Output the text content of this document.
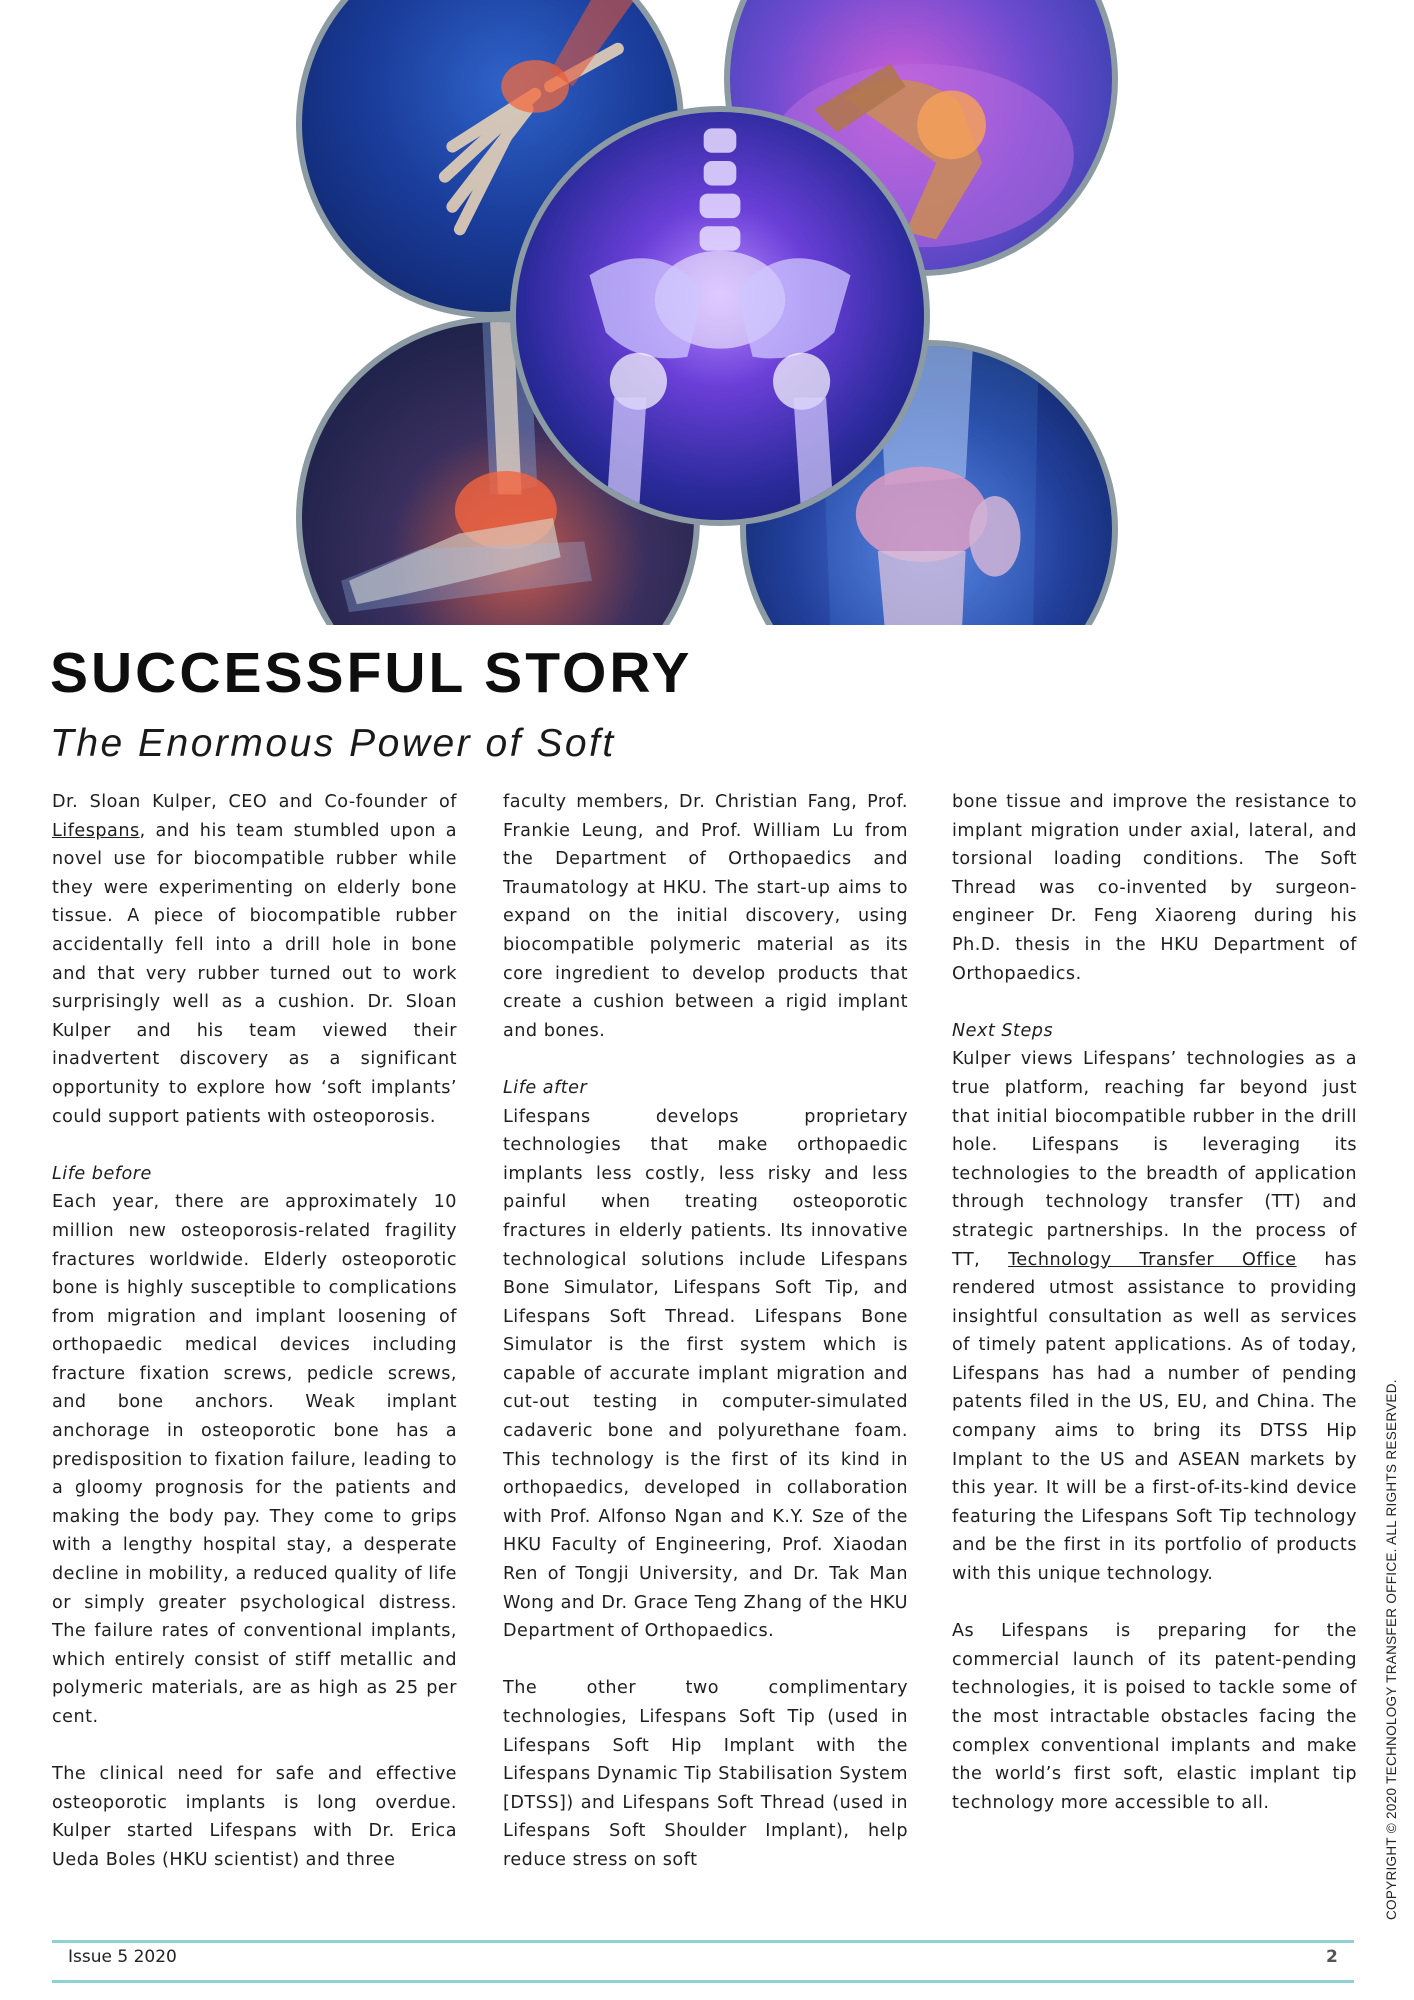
SUCCESSFUL STORY
The Enormous Power of Soft

Dr. Sloan Kulper, CEO and Co-founder of Lifespans, and his team stumbled upon a novel use for biocompatible rubber while they were experimenting on elderly bone tissue. A piece of biocompatible rubber accidentally fell into a drill hole in bone and that very rubber turned out to work surprisingly well as a cushion. Dr. Sloan Kulper and his team viewed their inadvertent discovery as a significant opportunity to explore how ‘soft implants’ could support patients with osteoporosis.

Life before
Each year, there are approximately 10 million new osteoporosis-related fragility fractures worldwide. Elderly osteoporotic bone is highly susceptible to complications from migration and implant loosening of orthopaedic medical devices including fracture fixation screws, pedicle screws, and bone anchors. Weak implant anchorage in osteoporotic bone has a predisposition to fixation failure, leading to a gloomy prognosis for the patients and making the body pay. They come to grips with a lengthy hospital stay, a desperate decline in mobility, a reduced quality of life or simply greater psychological distress. The failure rates of conventional implants, which entirely consist of stiff metallic and polymeric materials, are as high as 25 per cent.

The clinical need for safe and effective osteoporotic implants is long overdue. Kulper started Lifespans with Dr. Erica Ueda Boles (HKU scientist) and three

faculty members, Dr. Christian Fang, Prof. Frankie Leung, and Prof. William Lu from the Department of Orthopaedics and Traumatology at HKU. The start-up aims to expand on the initial discovery, using biocompatible polymeric material as its core ingredient to develop products that create a cushion between a rigid implant and bones.

Life after
Lifespans develops proprietary technologies that make orthopaedic implants less costly, less risky and less painful when treating osteoporotic fractures in elderly patients. Its innovative technological solutions include Lifespans Bone Simulator, Lifespans Soft Tip, and Lifespans Soft Thread. Lifespans Bone Simulator is the first system which is capable of accurate implant migration and cut-out testing in computer-simulated cadaveric bone and polyurethane foam. This technology is the first of its kind in orthopaedics, developed in collaboration with Prof. Alfonso Ngan and K.Y. Sze of the HKU Faculty of Engineering, Prof. Xiaodan Ren of Tongji University, and Dr. Tak Man Wong and Dr. Grace Teng Zhang of the HKU Department of Orthopaedics.

The other two complimentary technologies, Lifespans Soft Tip (used in Lifespans Soft Hip Implant with the Lifespans Dynamic Tip Stabilisation System [DTSS]) and Lifespans Soft Thread (used in Lifespans Soft Shoulder Implant), help reduce stress on soft

bone tissue and improve the resistance to implant migration under axial, lateral, and torsional loading conditions. The Soft Thread was co-invented by surgeon-engineer Dr. Feng Xiaoreng during his Ph.D. thesis in the HKU Department of Orthopaedics.

Next Steps
Kulper views Lifespans’ technologies as a true platform, reaching far beyond just that initial biocompatible rubber in the drill hole. Lifespans is leveraging its technologies to the breadth of application through technology transfer (TT) and strategic partnerships. In the process of TT, Technology Transfer Office has rendered utmost assistance to providing insightful consultation as well as services of timely patent applications. As of today, Lifespans has had a number of pending patents filed in the US, EU, and China. The company aims to bring its DTSS Hip Implant to the US and ASEAN markets by this year. It will be a first-of-its-kind device featuring the Lifespans Soft Tip technology and be the first in its portfolio of products with this unique technology.

As Lifespans is preparing for the commercial launch of its patent-pending technologies, it is poised to tackle some of the most intractable obstacles facing the complex conventional implants and make the world’s first soft, elastic implant tip technology more accessible to all.

Issue 5 2020	2
COPYRIGHT © 2020 TECHNOLOGY TRANSFER OFFICE. ALL RIGHTS RESERVED.
